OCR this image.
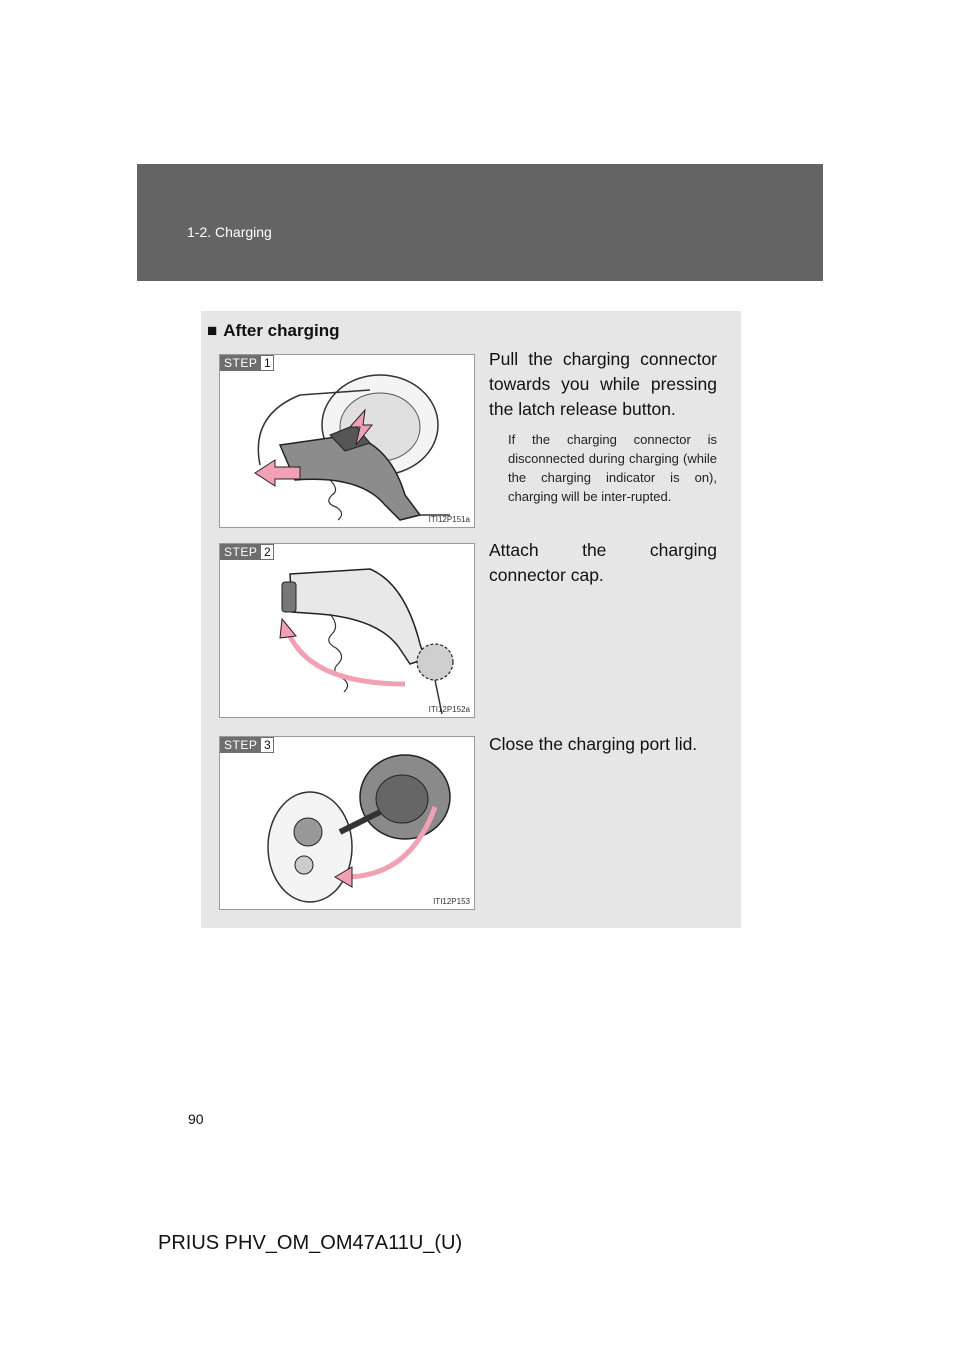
1-2. Charging
■ After charging
STEP 1
ITI12P151a
Pull the charging connector towards you while pressing the latch release button.
If the charging connector is disconnected during charging (while the charging indicator is on), charging will be inter-rupted.
STEP 2
ITI12P152a
Attach the charging connector cap.
STEP 3
ITI12P153
Close the charging port lid.
90
PRIUS PHV_OM_OM47A11U_(U)
